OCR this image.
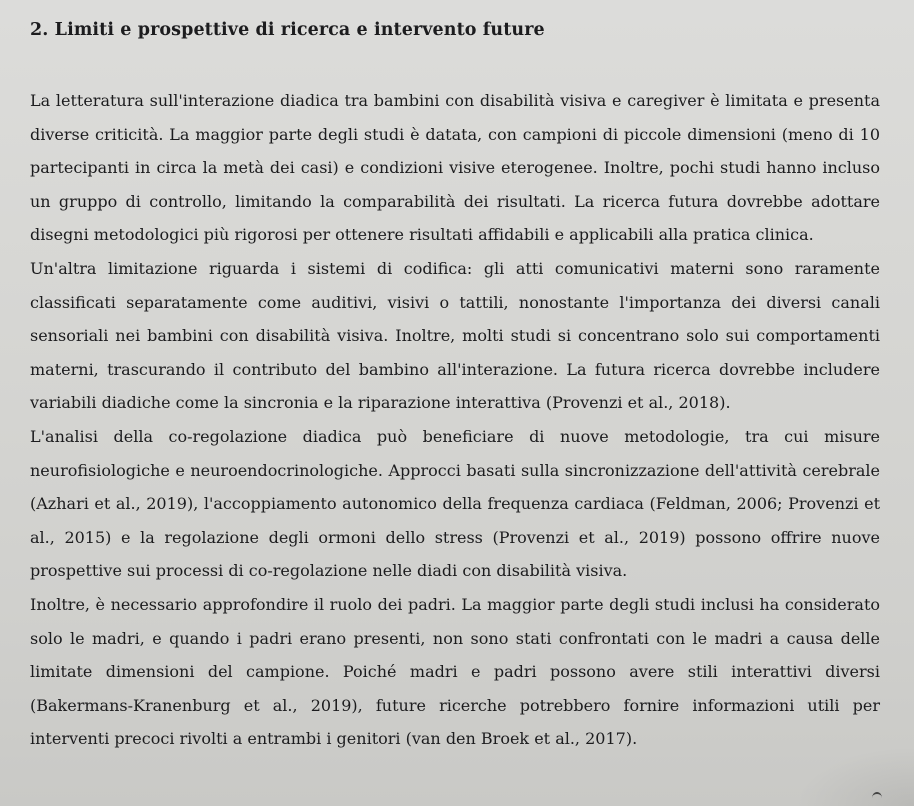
2. Limiti e prospettive di ricerca e intervento future

La letteratura sull'interazione diadica tra bambini con disabilità visiva e caregiver è limitata e presenta diverse criticità. La maggior parte degli studi è datata, con campioni di piccole dimensioni (meno di 10 partecipanti in circa la metà dei casi) e condizioni visive eterogenee. Inoltre, pochi studi hanno incluso un gruppo di controllo, limitando la comparabilità dei risultati. La ricerca futura dovrebbe adottare disegni metodologici più rigorosi per ottenere risultati affidabili e applicabili alla pratica clinica.

Un'altra limitazione riguarda i sistemi di codifica: gli atti comunicativi materni sono raramente classificati separatamente come auditivi, visivi o tattili, nonostante l'importanza dei diversi canali sensoriali nei bambini con disabilità visiva. Inoltre, molti studi si concentrano solo sui comportamenti materni, trascurando il contributo del bambino all'interazione. La futura ricerca dovrebbe includere variabili diadiche come la sincronia e la riparazione interattiva (Provenzi et al., 2018).

L'analisi della co-regolazione diadica può beneficiare di nuove metodologie, tra cui misure neurofisiologiche e neuroendocrinologiche. Approcci basati sulla sincronizzazione dell'attività cerebrale (Azhari et al., 2019), l'accoppiamento autonomico della frequenza cardiaca (Feldman, 2006; Provenzi et al., 2015) e la regolazione degli ormoni dello stress (Provenzi et al., 2019) possono offrire nuove prospettive sui processi di co-regolazione nelle diadi con disabilità visiva.

Inoltre, è necessario approfondire il ruolo dei padri. La maggior parte degli studi inclusi ha considerato solo le madri, e quando i padri erano presenti, non sono stati confrontati con le madri a causa delle limitate dimensioni del campione. Poiché madri e padri possono avere stili interattivi diversi (Bakermans-Kranenburg et al., 2019), future ricerche potrebbero fornire informazioni utili per interventi precoci rivolti a entrambi i genitori (van den Broek et al., 2017).
